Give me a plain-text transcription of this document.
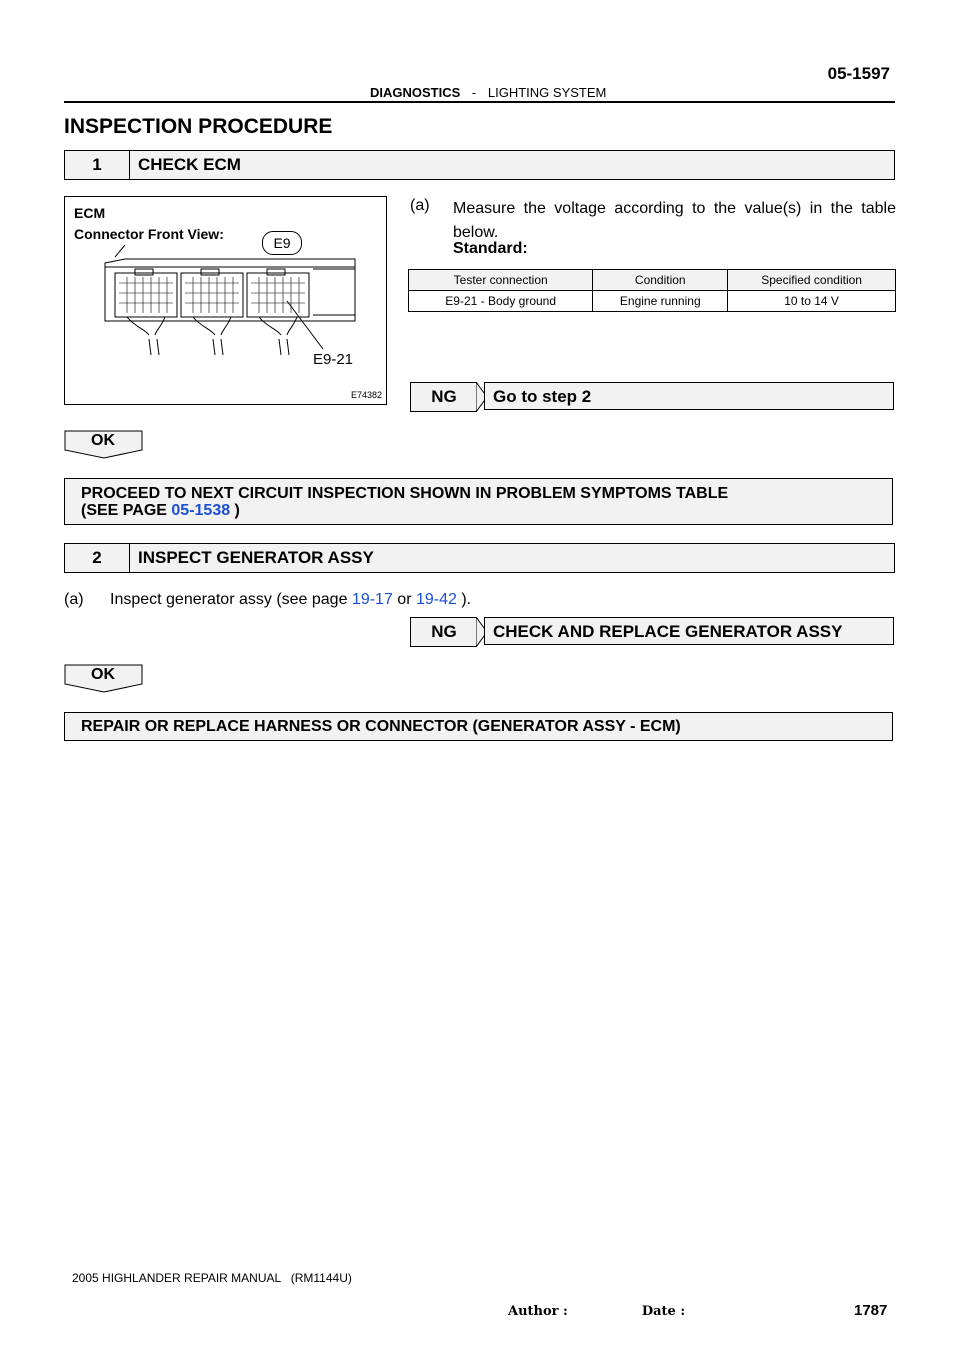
05-1597
DIAGNOSTICS - LIGHTING SYSTEM
INSPECTION PROCEDURE
1	CHECK ECM
ECM
Connector Front View:
E9
E9-21
E74382
(a) Measure the voltage according to the value(s) in the table below.
Standard:
Tester connection	Condition	Specified condition
E9-21 - Body ground	Engine running	10 to 14 V
NG	Go to step 2
OK
PROCEED TO NEXT CIRCUIT INSPECTION SHOWN IN PROBLEM SYMPTOMS TABLE
(SEE PAGE 05-1538 )
2	INSPECT GENERATOR ASSY
(a) Inspect generator assy (see page 19-17 or 19-42 ).
NG	CHECK AND REPLACE GENERATOR ASSY
OK
REPAIR OR REPLACE HARNESS OR CONNECTOR (GENERATOR ASSY - ECM)
2005 HIGHLANDER REPAIR MANUAL   (RM1144U)
Author :	Date :	1787
